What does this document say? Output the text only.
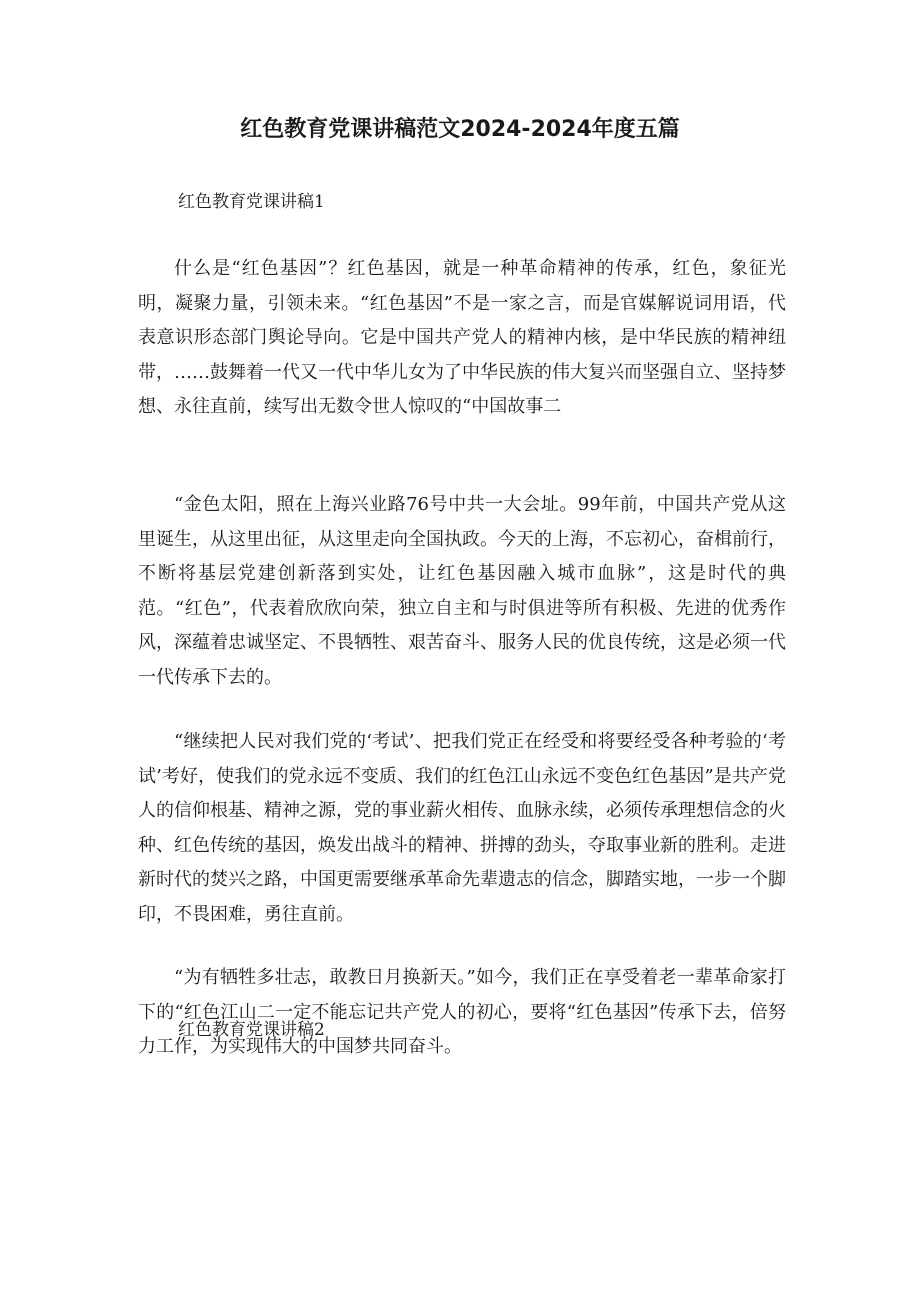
红色教育党课讲稿范文2024-2024年度五篇
红色教育党课讲稿1

什么是“红色基因”？红色基因，就是一种革命精神的传承，红色，象征光明，凝聚力量，引领未来。“红色基因”不是一家之言，而是官媒解说词用语，代表意识形态部门舆论导向。它是中国共产党人的精神内核，是中华民族的精神纽带，……鼓舞着一代又一代中华儿女为了中华民族的伟大复兴而坚强自立、坚持梦想、永往直前，续写出无数令世人惊叹的“中国故事二

“金色太阳，照在上海兴业路76号中共一大会址。99年前，中国共产党从这里诞生，从这里出征，从这里走向全国执政。今天的上海，不忘初心，奋楫前行，不断将基层党建创新落到实处，让红色基因融入城市血脉”，这是时代的典范。“红色”，代表着欣欣向荣，独立自主和与时俱进等所有积极、先进的优秀作风，深蕴着忠诚坚定、不畏牺牲、艰苦奋斗、服务人民的优良传统，这是必须一代一代传承下去的。

“继续把人民对我们党的‘考试’、把我们党正在经受和将要经受各种考验的‘考试’考好，使我们的党永远不变质、我们的红色江山永远不变色红色基因”是共产党人的信仰根基、精神之源，党的事业薪火相传、血脉永续，必须传承理想信念的火种、红色传统的基因，焕发出战斗的精神、拼搏的劲头，夺取事业新的胜利。走进新时代的焚兴之路，中国更需要继承革命先辈遗志的信念，脚踏实地，一步一个脚印，不畏困难，勇往直前。

“为有牺牲多壮志，敢教日月换新天。”如今，我们正在享受着老一辈革命家打下的“红色江山二一定不能忘记共产党人的初心，要将“红色基因”传承下去，倍努力工作，为实现伟大的中国梦共同奋斗。

红色教育党课讲稿2
